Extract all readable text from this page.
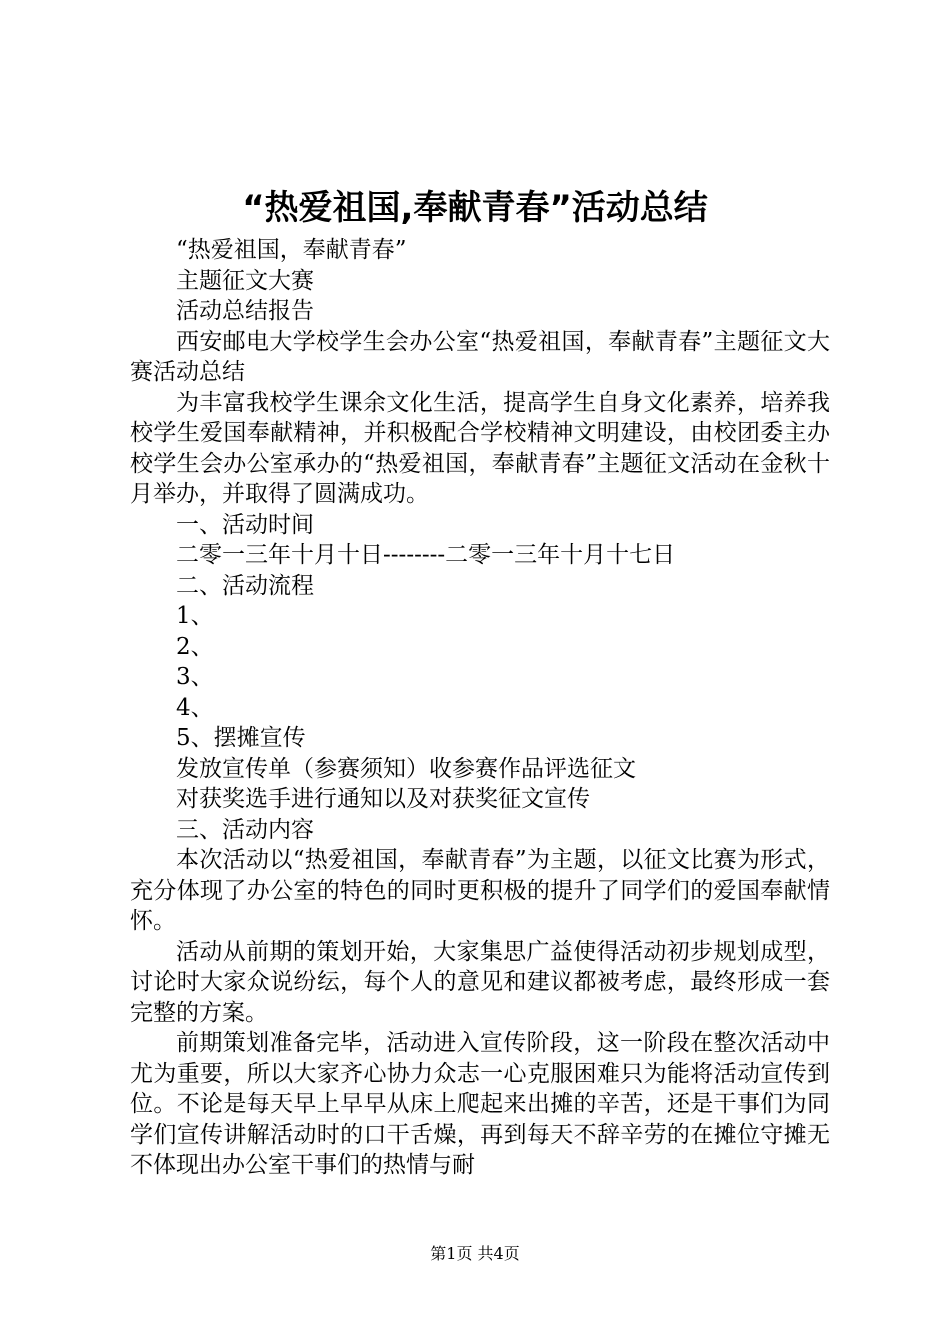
“热爱祖国,奉献青春”活动总结

“热爱祖国，奉献青春”

主题征文大赛

活动总结报告

西安邮电大学校学生会办公室“热爱祖国，奉献青春”主题征文大赛活动总结

为丰富我校学生课余文化生活，提高学生自身文化素养，培养我校学生爱国奉献精神，并积极配合学校精神文明建设，由校团委主办校学生会办公室承办的“热爱祖国，奉献青春”主题征文活动在金秋十月举办，并取得了圆满成功。

一、活动时间

二零一三年十月十日--------二零一三年十月十七日

二、活动流程

1、

2、

3、

4、

5、摆摊宣传

发放宣传单（参赛须知）收参赛作品评选征文

对获奖选手进行通知以及对获奖征文宣传

三、活动内容

本次活动以“热爱祖国，奉献青春”为主题，以征文比赛为形式，充分体现了办公室的特色的同时更积极的提升了同学们的爱国奉献情怀。

活动从前期的策划开始，大家集思广益使得活动初步规划成型，讨论时大家众说纷纭，每个人的意见和建议都被考虑，最终形成一套完整的方案。

前期策划准备完毕，活动进入宣传阶段，这一阶段在整次活动中尤为重要，所以大家齐心协力众志一心克服困难只为能将活动宣传到位。不论是每天早上早早从床上爬起来出摊的辛苦，还是干事们为同学们宣传讲解活动时的口干舌燥，再到每天不辞辛劳的在摊位守摊无不体现出办公室干事们的热情与耐

第1页 共4页
